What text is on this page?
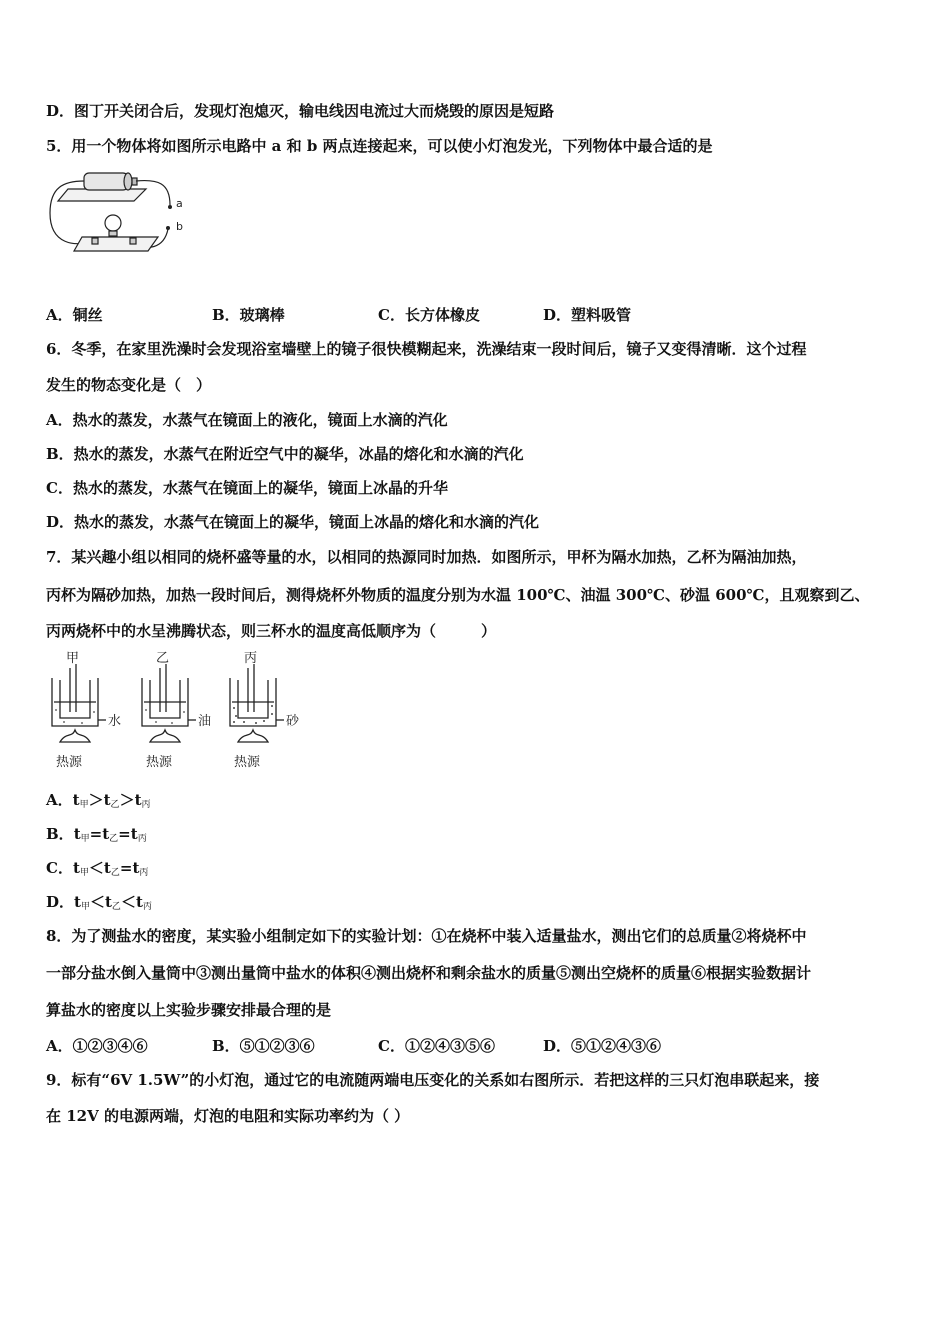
D．图丁开关闭合后，发现灯泡熄灭，输电线因电流过大而烧毁的原因是短路
5．用一个物体将如图所示电路中 a 和 b 两点连接起来，可以使小灯泡发光，下列物体中最合适的是
a
b
A．铜丝	B．玻璃棒	C．长方体橡皮	D．塑料吸管
6．冬季，在家里洗澡时会发现浴室墙壁上的镜子很快模糊起来，洗澡结束一段时间后，镜子又变得清晰．这个过程
发生的物态变化是（　）
A．热水的蒸发，水蒸气在镜面上的液化，镜面上水滴的汽化
B．热水的蒸发，水蒸气在附近空气中的凝华，冰晶的熔化和水滴的汽化
C．热水的蒸发，水蒸气在镜面上的凝华，镜面上冰晶的升华
D．热水的蒸发，水蒸气在镜面上的凝华，镜面上冰晶的熔化和水滴的汽化
7．某兴趣小组以相同的烧杯盛等量的水，以相同的热源同时加热．如图所示，甲杯为隔水加热，乙杯为隔油加热，
丙杯为隔砂加热，加热一段时间后，测得烧杯外物质的温度分别为水温 100℃、油温 300℃、砂温 600℃，且观察到乙、
丙两烧杯中的水呈沸腾状态，则三杯水的温度高低顺序为（　　　）
甲	乙	丙
水	油	砂
热源	热源	热源
A．$t_甲>t_乙>t_丙$
B．$t_甲=t_乙=t_丙$
C．$t_甲<t_乙=t_丙$
D．$t_甲<t_乙<t_丙$
8．为了测盐水的密度，某实验小组制定如下的实验计划：①在烧杯中装入适量盐水，测出它们的总质量②将烧杯中
一部分盐水倒入量筒中③测出量筒中盐水的体积④测出烧杯和剩余盐水的质量⑤测出空烧杯的质量⑥根据实验数据计
算盐水的密度以上实验步骤安排最合理的是
A．①②③④⑥	B．⑤①②③⑥	C．①②④③⑤⑥	D．⑤①②④③⑥
9．标有“6V 1.5W”的小灯泡，通过它的电流随两端电压变化的关系如右图所示．若把这样的三只灯泡串联起来，接
在 12V 的电源两端，灯泡的电阻和实际功率约为（ ）
